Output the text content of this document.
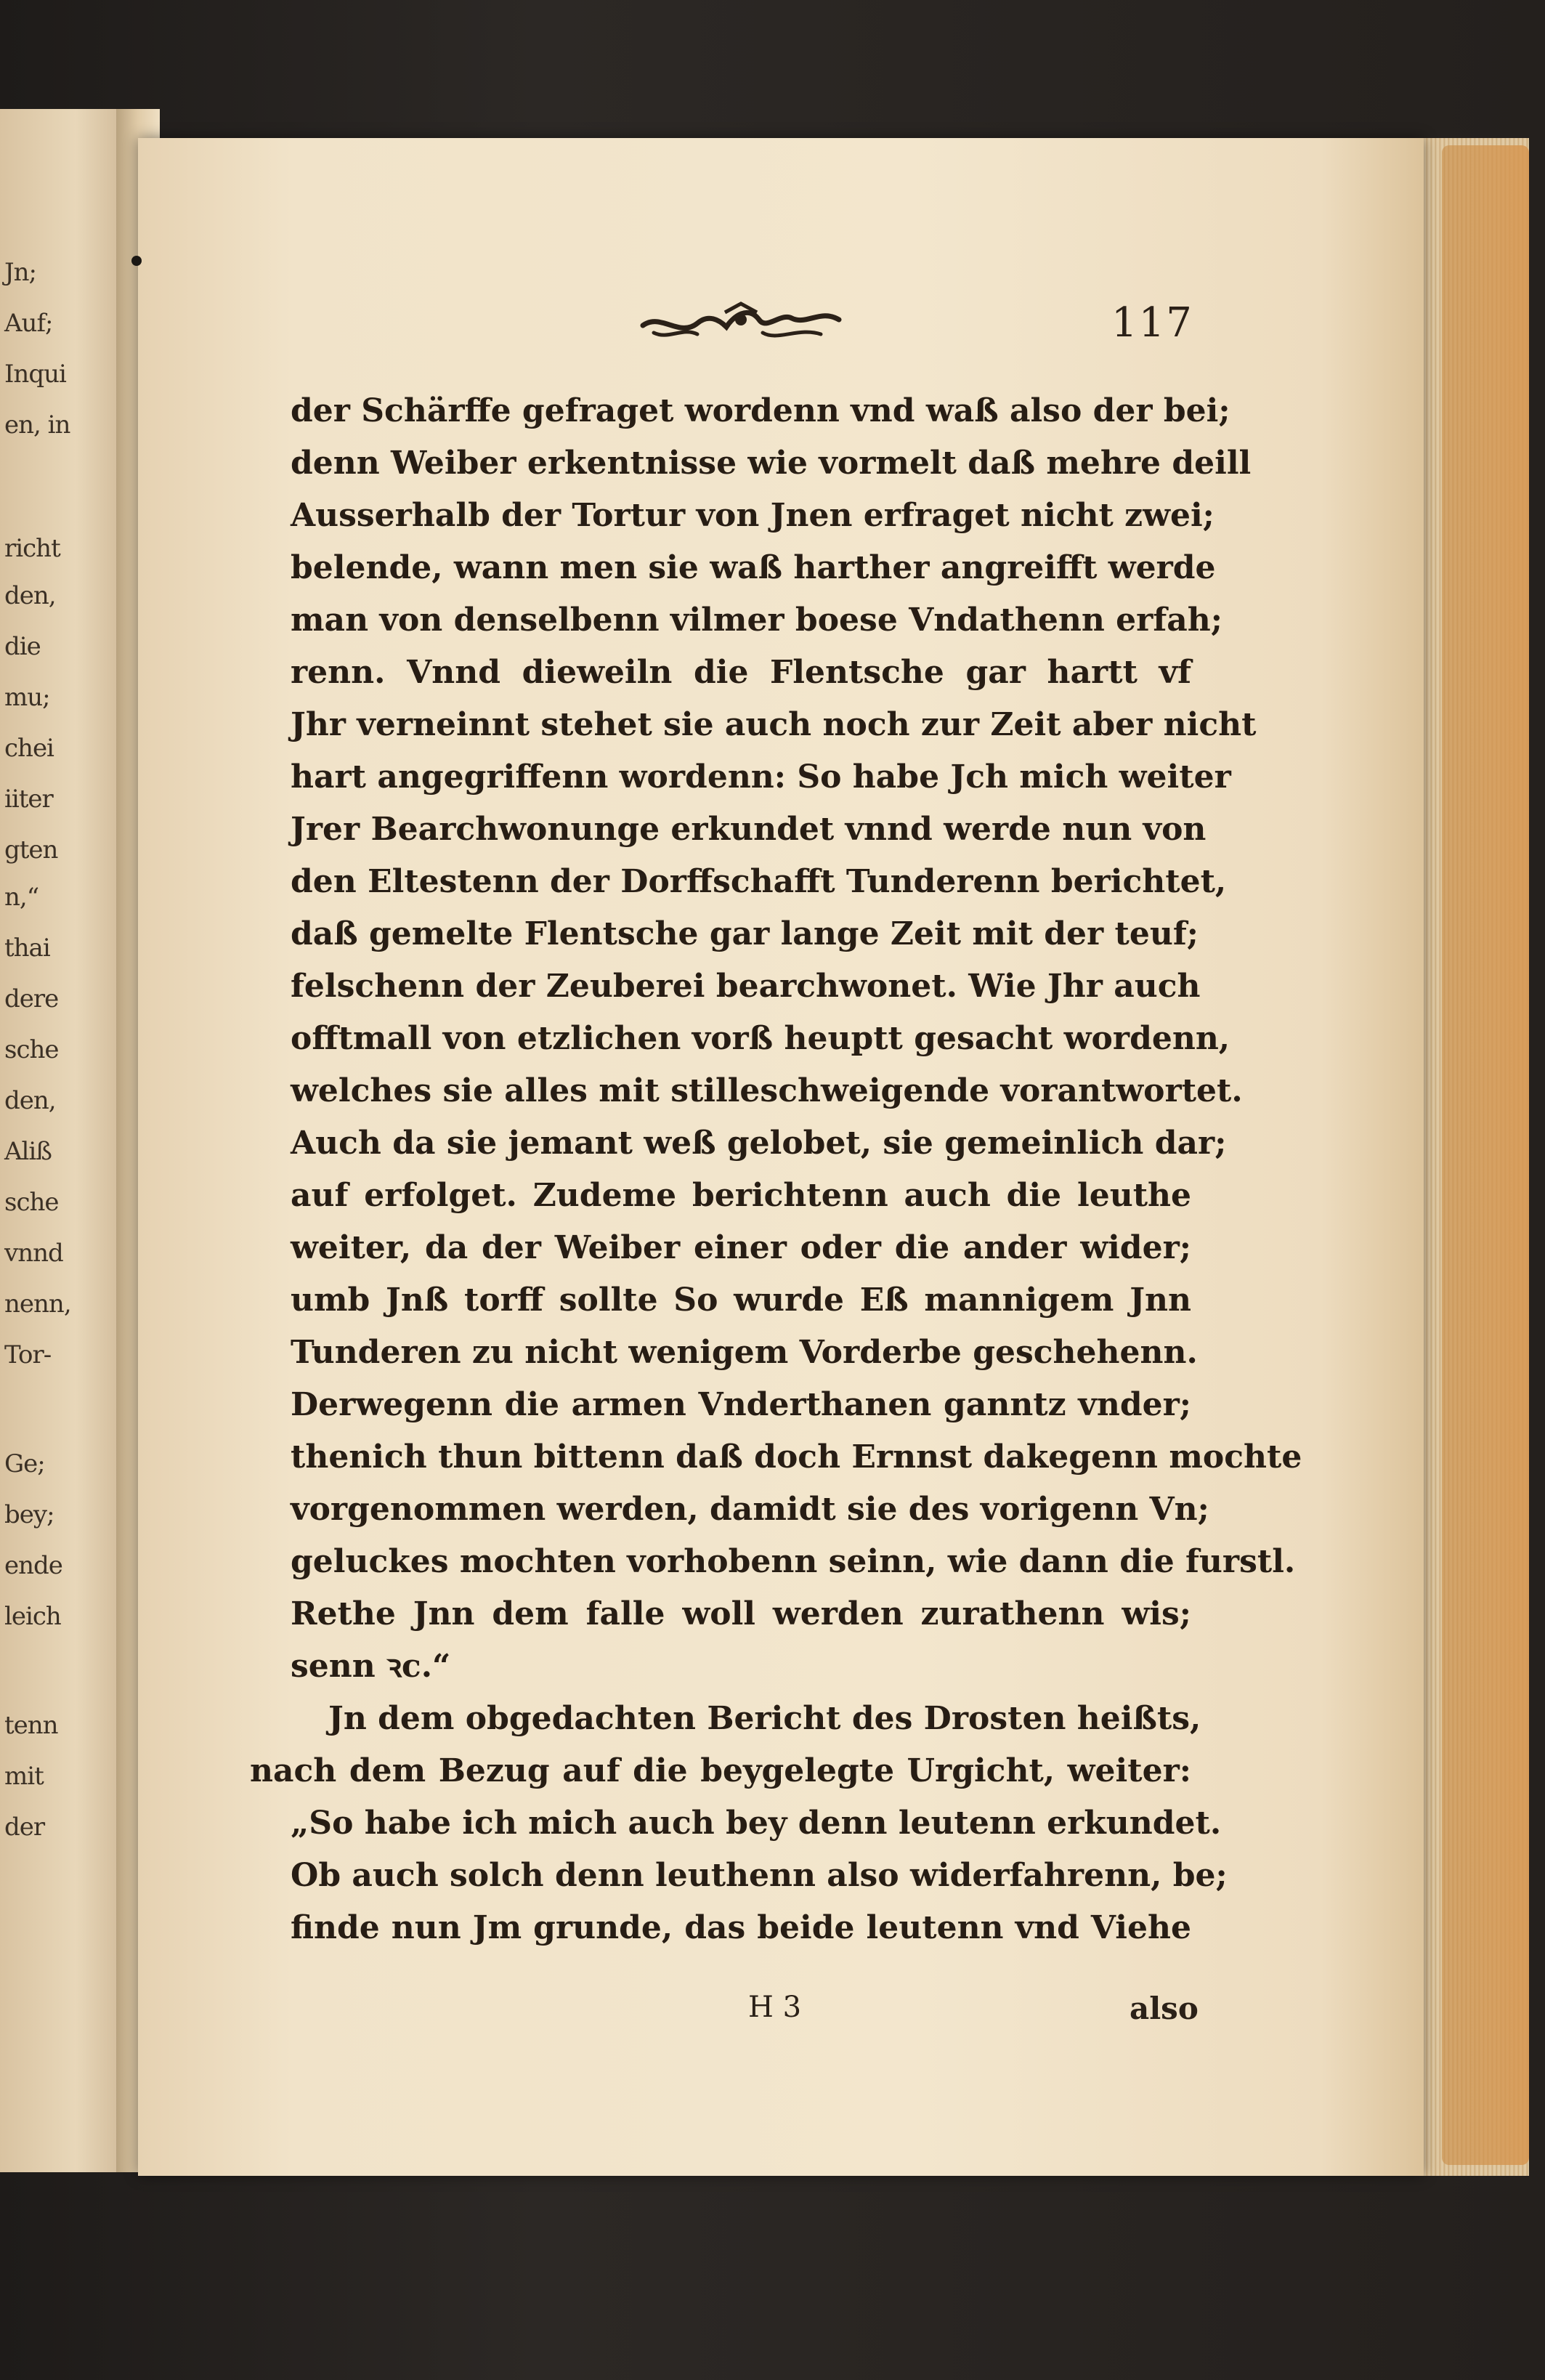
Jn;
Auf;
Inqui
en, in
richt
den,
die
mu;
chei
iiter
gten
n,“
thai
dere
sche
den,
Aliß
sche
vnnd
nenn,
Tor-
Ge;
bey;
ende
leich
tenn
mit
der
117
der Schärffe gefraget wordenn vnd waß also der bei;
denn Weiber erkentnisse wie vormelt daß mehre deill
Ausserhalb der Tortur von Jnen erfraget nicht zwei;
belende, wann men sie waß harther angreifft werde
man von denselbenn vilmer boese Vndathenn erfah;
renn. Vnnd dieweiln die Flentsche gar hartt vf
Jhr verneinnt stehet sie auch noch zur Zeit aber nicht
hart angegriffenn wordenn: So habe Jch mich weiter
Jrer Bearchwonunge erkundet vnnd werde nun von
den Eltestenn der Dorffschafft Tunderenn berichtet,
daß gemelte Flentsche gar lange Zeit mit der teuf;
felschenn der Zeuberei bearchwonet. Wie Jhr auch
offtmall von etzlichen vorß heuptt gesacht wordenn,
welches sie alles mit stilleschweigende vorantwortet.
Auch da sie jemant weß gelobet, sie gemeinlich dar;
auf erfolget. Zudeme berichtenn auch die leuthe
weiter, da der Weiber einer oder die ander wider;
umb Jnß torff sollte So wurde Eß mannigem Jnn
Tunderen zu nicht wenigem Vorderbe geschehenn.
Derwegenn die armen Vnderthanen ganntz vnder;
thenich thun bittenn daß doch Ernnst dakegenn mochte
vorgenommen werden, damidt sie des vorigenn Vn;
geluckes mochten vorhobenn seinn, wie dann die furstl.
Rethe Jnn dem falle woll werden zurathenn wis;
senn ꝛc.“
Jn dem obgedachten Bericht des Drosten heißts,
nach dem Bezug auf die beygelegte Urgicht, weiter:
„So habe ich mich auch bey denn leutenn erkundet.
Ob auch solch denn leuthenn also widerfahrenn, be;
finde nun Jm grunde, das beide leutenn vnd Viehe
H 3	also
